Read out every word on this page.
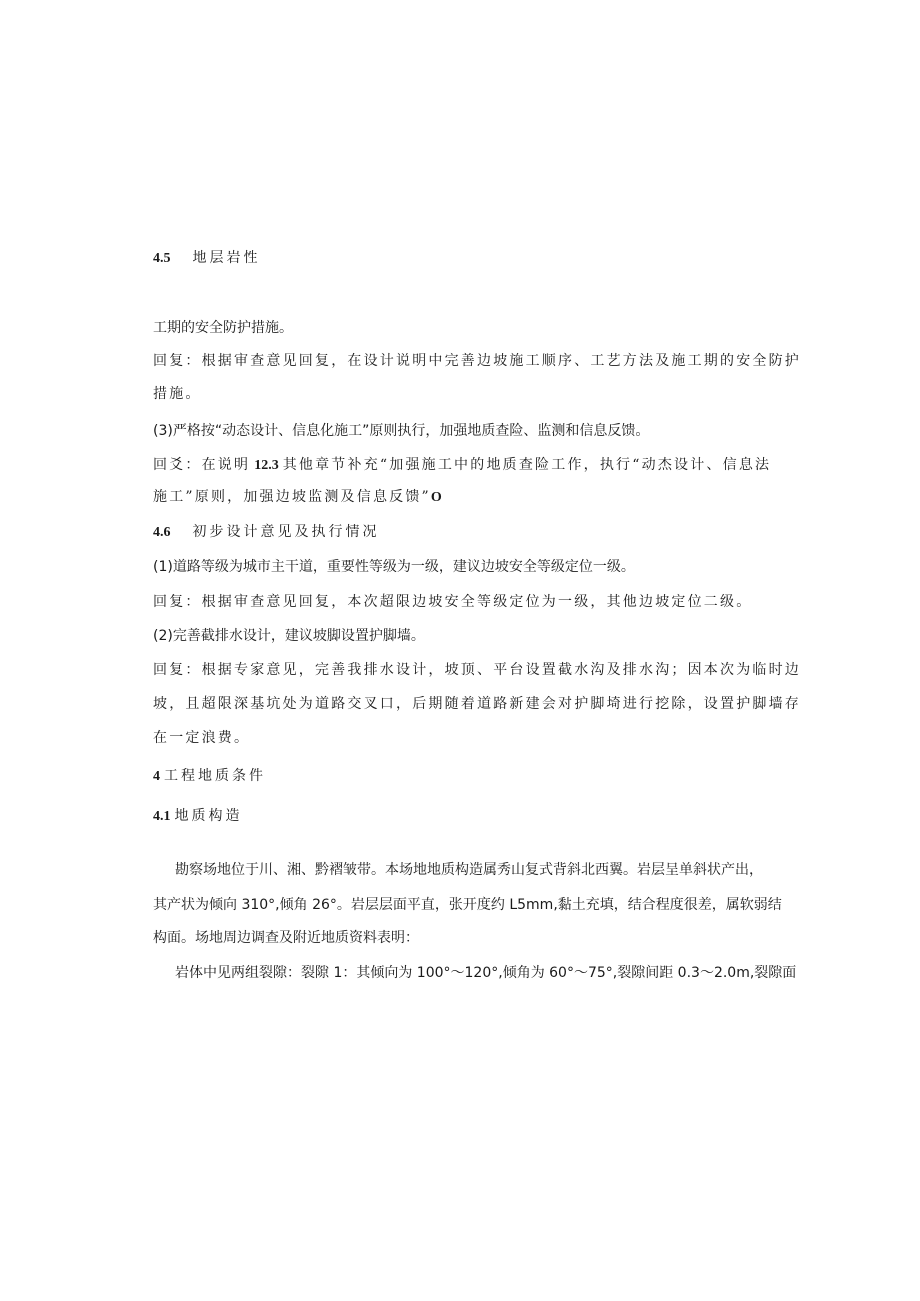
4.5 地层岩性
工期的安全防护措施。
回复：根据审查意见回复，在设计说明中完善边坡施工顺序、工艺方法及施工期的安全防护
措施。
(3)严格按“动态设计、信息化施工”原则执行，加强地质查险、监测和信息反馈。
回爻：在说明 12.3 其他章节补充“加强施工中的地质查险工作，执行“动杰设计、信息法
施工”原则，加强边坡监测及信息反馈”O
4.6 初步设计意见及执行情况
(1)道路等级为城市主干道，重要性等级为一级，建议边坡安全等级定位一级。
回复：根据审查意见回复，本次超限边坡安全等级定位为一级，其他边坡定位二级。
(2)完善截排水设计，建议坡脚设置护脚墙。
回复：根据专家意见，完善我排水设计，坡顶、平台设置截水沟及排水沟；因本次为临时边
坡，且超限深基坑处为道路交叉口，后期随着道路新建会对护脚埼进行挖除，设置护脚墙存
在一定浪费。
4 工程地质条件
4.1 地质构造
勘察场地位于川、湘、黔褶皱带。本场地地质构造属秀山复式背斜北西翼。岩层呈单斜状产出，
其产状为倾向 310°,倾角 26°。岩层层面平直，张开度约 L5mm,黏土充填，结合程度很差，属软弱结
构面。场地周边调查及附近地质资料表明：
岩体中见两组裂隙：裂隙 1：其倾向为 100°～120°,倾角为 60°～75°,裂隙间距 0.3～2.0m,裂隙面
